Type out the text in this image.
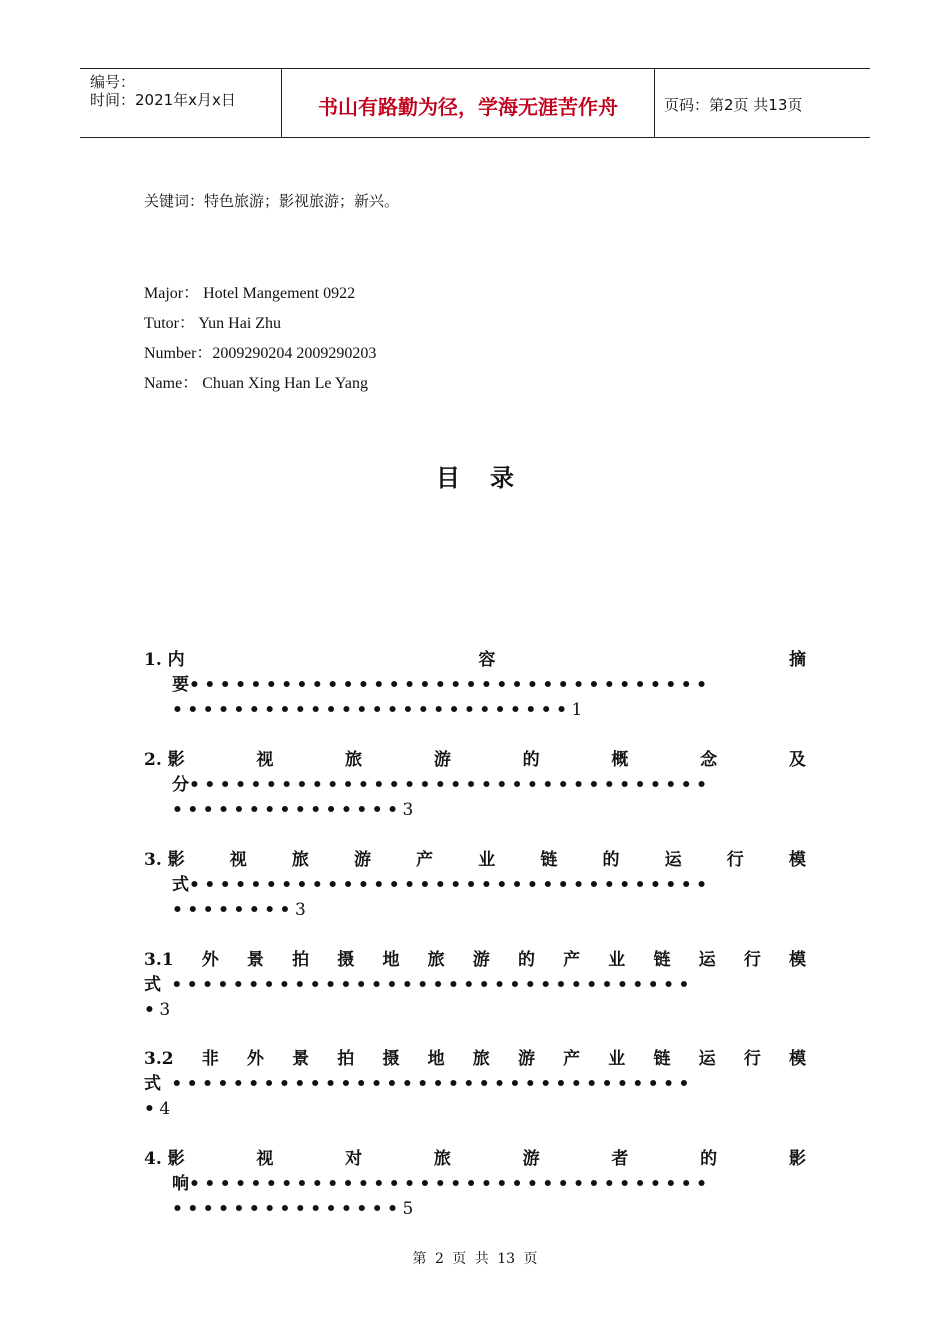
编号：
时间：2021年x月x日	书山有路勤为径，学海无涯苦作舟	页码：第2页 共13页
关键词：特色旅游；影视旅游；新兴。
Major： Hotel Mangement 0922
Tutor： Yun Hai Zhu
Number：2009290204 2009290203
Name： Chuan Xing Han Le Yang
目录
1. 内	容	摘
要••••••••••••••••••••••••••••••••••
••••••••••••••••••••••••••1
2. 影	视	旅	游	的	概	念	及
分••••••••••••••••••••••••••••••••••
•••••••••••••••3
3. 影	视	旅	游	产	业	链	的	运	行	模
式••••••••••••••••••••••••••••••••••
••••••••3
3.1 外 景 拍 摄 地 旅 游 的 产 业 链 运 行 模
式 ••••••••••••••••••••••••••••••••••
•3
3.2 非 外 景 拍 摄 地 旅 游 产 业 链 运 行 模
式 ••••••••••••••••••••••••••••••••••
•4
4. 影	视	对	旅	游	者	的	影
响••••••••••••••••••••••••••••••••••
•••••••••••••••5
第 2 页 共 13 页
